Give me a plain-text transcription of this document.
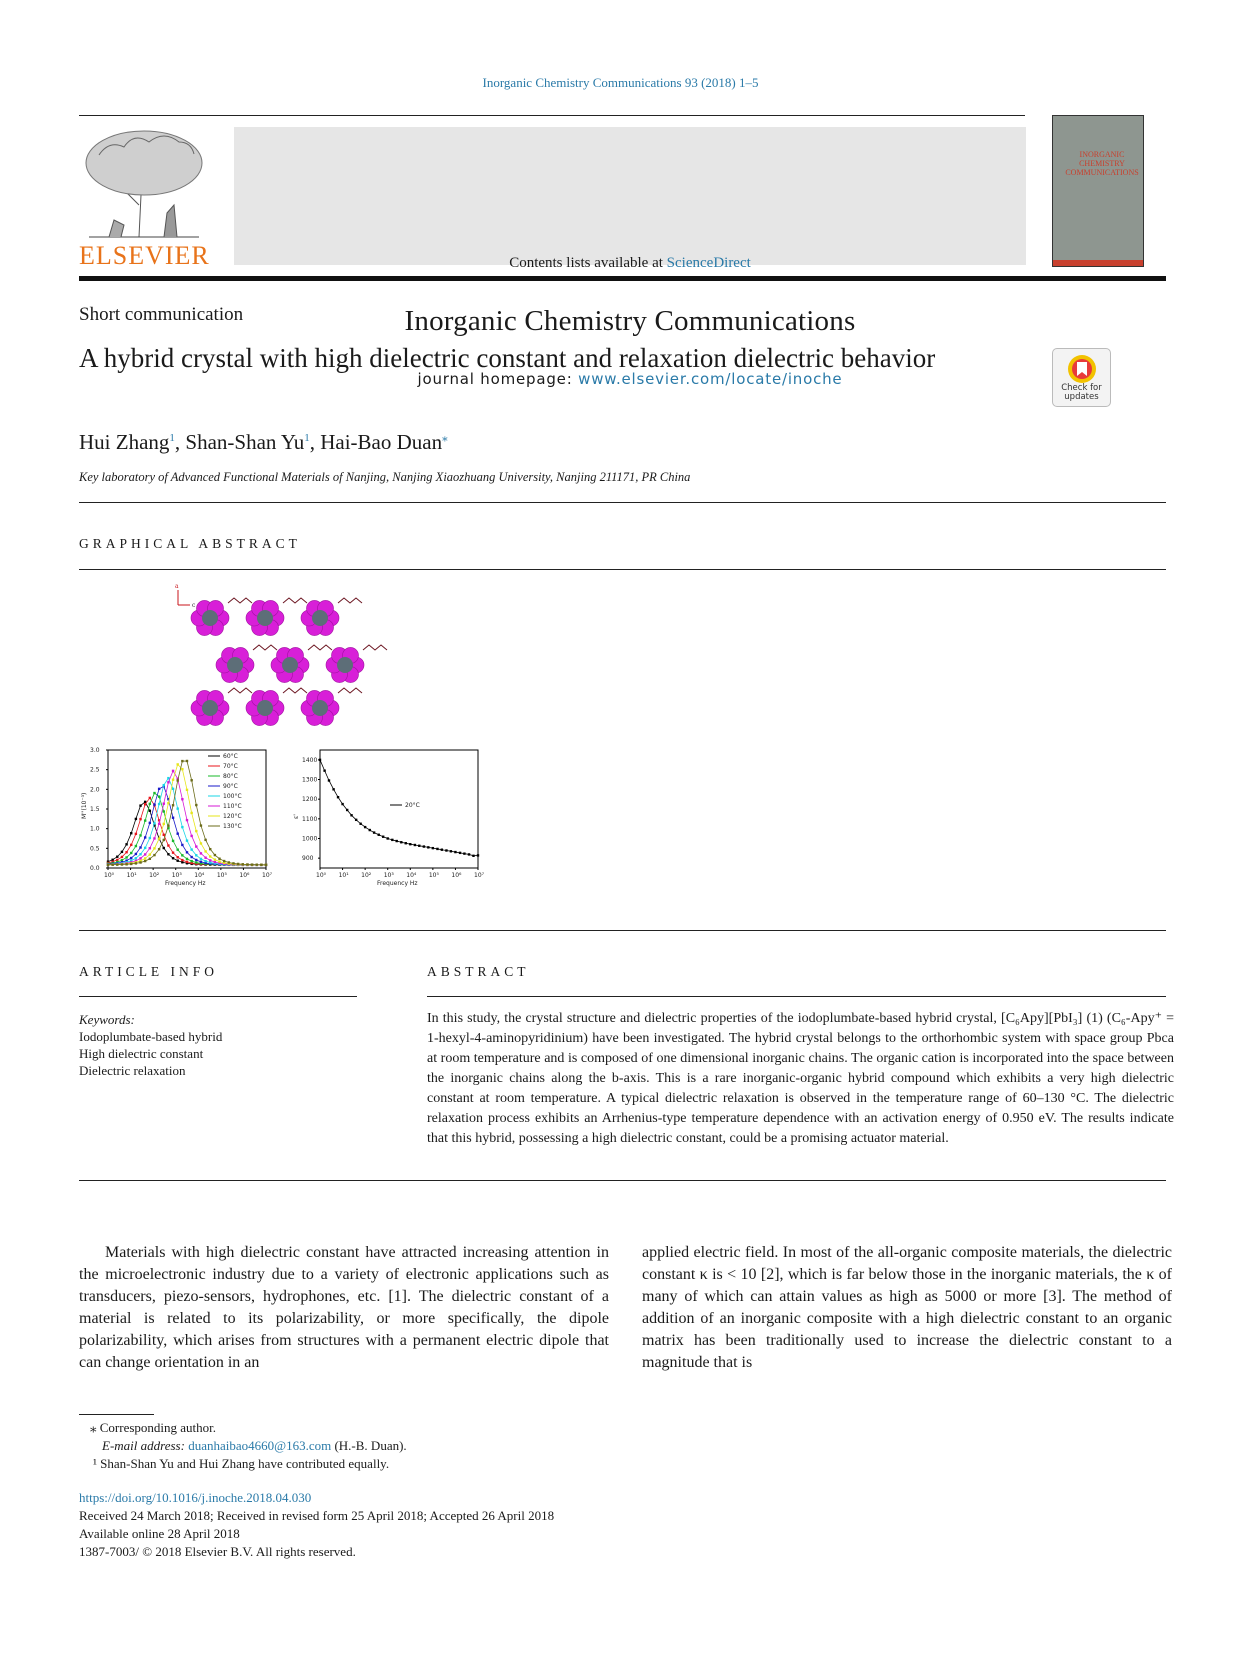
Inorganic Chemistry Communications 93 (2018) 1–5
ELSEVIER	Contents lists available at ScienceDirect
Inorganic Chemistry Communications
journal homepage: www.elsevier.com/locate/inoche
INORGANIC CHEMISTRY COMMUNICATIONS
Short communication
A hybrid crystal with high dielectric constant and relaxation dielectric behavior
Check for updates
Hui Zhang$^1$, Shan-Shan Yu$^1$, Hai-Bao Duan⁎
Key laboratory of Advanced Functional Materials of Nanjing, Nanjing Xiaozhuang University, Nanjing 211171, PR China
GRAPHICAL ABSTRACT
a
c
10⁰ 10¹ 10² 10³ 10⁴ 10⁵ 10⁶ 10⁷
0.0
0.5
1.0
1.5
2.0
2.5
3.0
Frequency Hz
M''(10⁻³)
60°C
70°C
80°C
90°C
100°C
110°C
120°C
130°C
10⁰ 10¹ 10² 10³ 10⁴ 10⁵ 10⁶ 10⁷
900
1000
1100
1200
1300
1400
Frequency Hz
ε'
20°C
ARTICLE INFO
Keywords:
Iodoplumbate-based hybrid
High dielectric constant
Dielectric relaxation
ABSTRACT
In this study, the crystal structure and dielectric properties of the iodoplumbate-based hybrid crystal, [C₆Apy][PbI₃] (1) (C₆-Apy⁺ = 1-hexyl-4-aminopyridinium) have been investigated. The hybrid crystal belongs to the orthorhombic system with space group Pbca at room temperature and is composed of one dimensional inorganic chains. The organic cation is incorporated into the space between the inorganic chains along the b-axis. This is a rare inorganic-organic hybrid compound which exhibits a very high dielectric constant at room temperature. A typical dielectric relaxation is observed in the temperature range of 60–130 °C. The dielectric relaxation process exhibits an Arrhenius-type temperature dependence with an activation energy of 0.950 eV. The results indicate that this hybrid, possessing a high dielectric constant, could be a promising actuator material.
Materials with high dielectric constant have attracted increasing attention in the microelectronic industry due to a variety of electronic applications such as transducers, piezo-sensors, hydrophones, etc. [1]. The dielectric constant of a material is related to its polarizability, or more specifically, the dipole polarizability, which arises from structures with a permanent electric dipole that can change orientation in an
applied electric field. In most of the all-organic composite materials, the dielectric constant κ is < 10 [2], which is far below those in the inorganic materials, the κ of many of which can attain values as high as 5000 or more [3]. The method of addition of an inorganic composite with a high dielectric constant to an organic matrix has been traditionally used to increase the dielectric constant to a magnitude that is
⁎ Corresponding author.
E-mail address: duanhaibao4660@163.com (H.-B. Duan).
¹ Shan-Shan Yu and Hui Zhang have contributed equally.
https://doi.org/10.1016/j.inoche.2018.04.030
Received 24 March 2018; Received in revised form 25 April 2018; Accepted 26 April 2018
Available online 28 April 2018
1387-7003/ © 2018 Elsevier B.V. All rights reserved.
